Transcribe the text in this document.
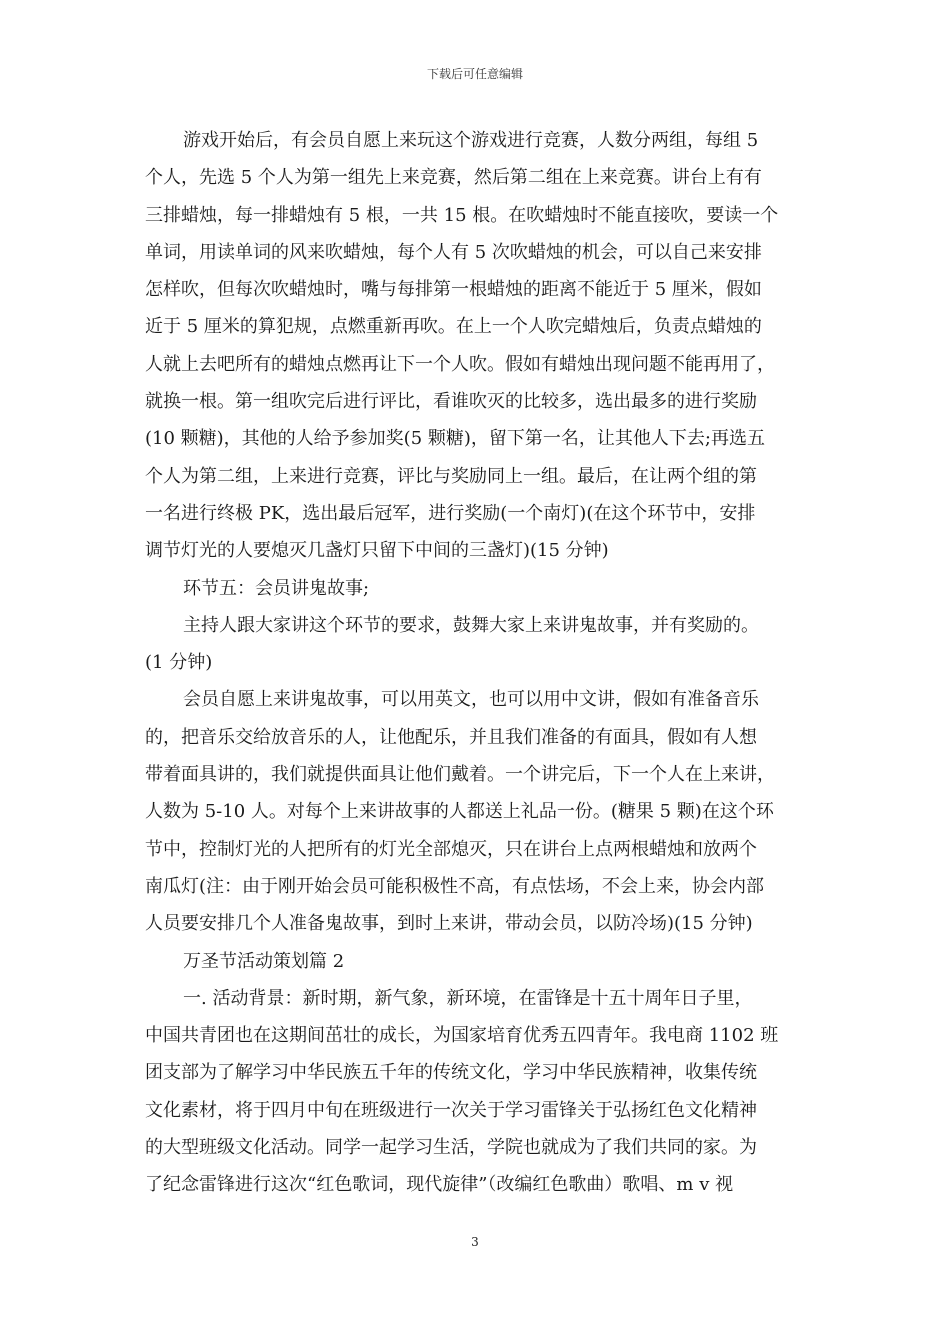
下载后可任意编辑
游戏开始后，有会员自愿上来玩这个游戏进行竞赛，人数分两组，每组 5
个人，先选 5 个人为第一组先上来竞赛，然后第二组在上来竞赛。讲台上有有
三排蜡烛，每一排蜡烛有 5 根，一共 15 根。在吹蜡烛时不能直接吹，要读一个
单词，用读单词的风来吹蜡烛，每个人有 5 次吹蜡烛的机会，可以自己来安排
怎样吹，但每次吹蜡烛时，嘴与每排第一根蜡烛的距离不能近于 5 厘米，假如
近于 5 厘米的算犯规，点燃重新再吹。在上一个人吹完蜡烛后，负责点蜡烛的
人就上去吧所有的蜡烛点燃再让下一个人吹。假如有蜡烛出现问题不能再用了，
就换一根。第一组吹完后进行评比，看谁吹灭的比较多，选出最多的进行奖励
(10 颗糖)，其他的人给予参加奖(5 颗糖)，留下第一名，让其他人下去;再选五
个人为第二组，上来进行竞赛，评比与奖励同上一组。最后，在让两个组的第
一名进行终极 PK，选出最后冠军，进行奖励(一个南灯)(在这个环节中，安排
调节灯光的人要熄灭几盏灯只留下中间的三盏灯)(15 分钟)
环节五：会员讲鬼故事;
主持人跟大家讲这个环节的要求，鼓舞大家上来讲鬼故事，并有奖励的。
(1 分钟)
会员自愿上来讲鬼故事，可以用英文，也可以用中文讲，假如有准备音乐
的，把音乐交给放音乐的人，让他配乐，并且我们准备的有面具，假如有人想
带着面具讲的，我们就提供面具让他们戴着。一个讲完后，下一个人在上来讲，
人数为 5-10 人。对每个上来讲故事的人都送上礼品一份。(糖果 5 颗)在这个环
节中，控制灯光的人把所有的灯光全部熄灭，只在讲台上点两根蜡烛和放两个
南瓜灯(注：由于刚开始会员可能积极性不高，有点怯场，不会上来，协会内部
人员要安排几个人准备鬼故事，到时上来讲，带动会员，以防冷场)(15 分钟)
万圣节活动策划篇 2
一. 活动背景：新时期，新气象，新环境，在雷锋是十五十周年日子里，
中国共青团也在这期间茁壮的成长，为国家培育优秀五四青年。我电商 1102 班
团支部为了解学习中华民族五千年的传统文化，学习中华民族精神，收集传统
文化素材，将于四月中旬在班级进行一次关于学习雷锋关于弘扬红色文化精神
的大型班级文化活动。同学一起学习生活，学院也就成为了我们共同的家。为
了纪念雷锋进行这次“红色歌词，现代旋律”（改编红色歌曲）歌唱、m v 视
3
